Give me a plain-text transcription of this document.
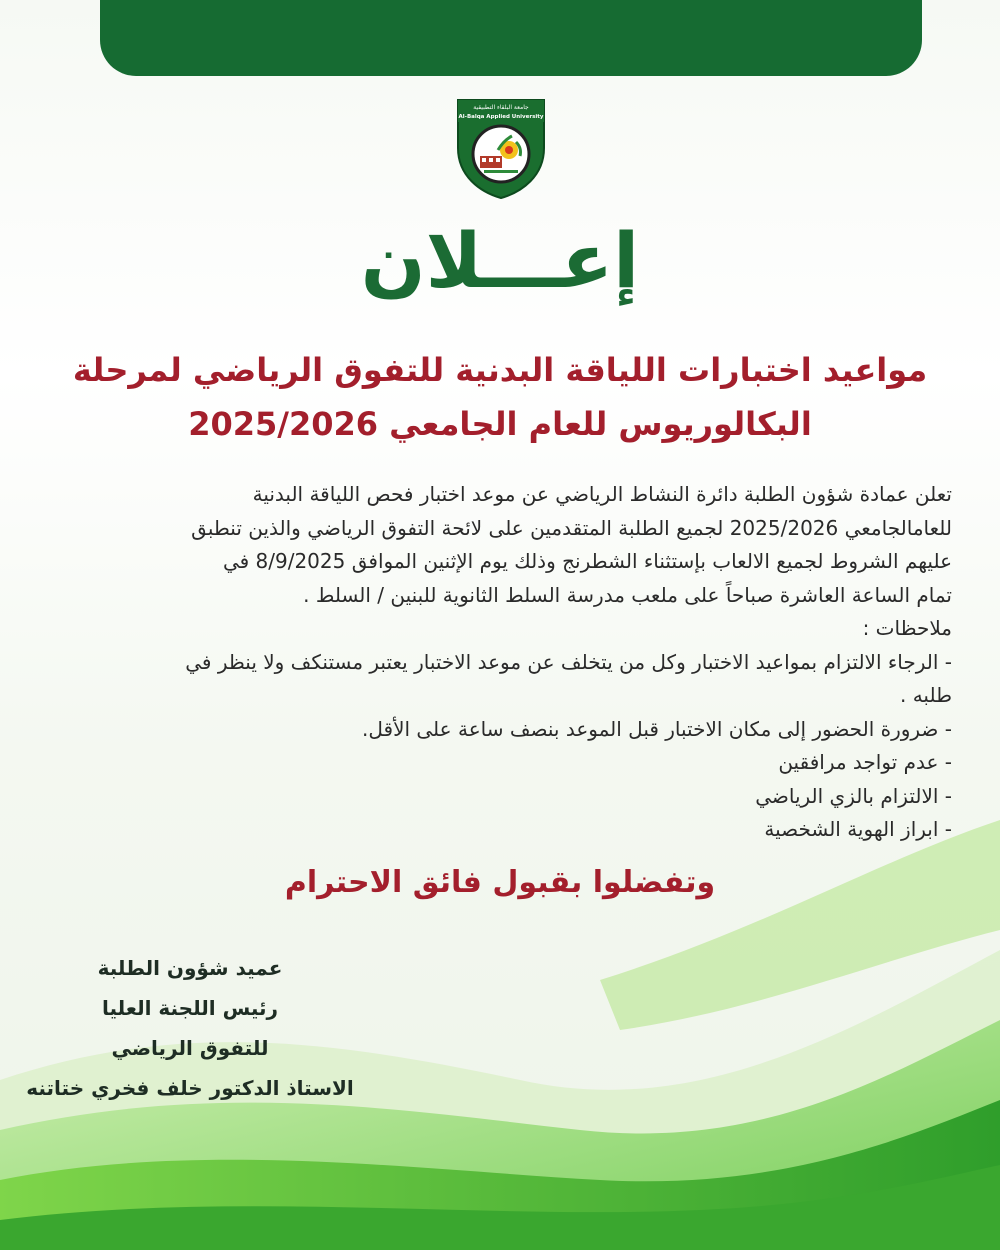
جامعة البلقاء التطبيقية
Al-Balqa Applied University
إعـــلان
مواعيد اختبارات اللياقة البدنية للتفوق الرياضي لمرحلة
البكالوريوس للعام الجامعي 2025/2026

تعلن عمادة شؤون الطلبة دائرة النشاط الرياضي عن موعد اختبار فحص اللياقة البدنية

للعامالجامعي 2025/2026 لجميع الطلبة المتقدمين على لائحة التفوق الرياضي والذين تنطبق

عليهم الشروط لجميع الالعاب بإستثناء الشطرنج وذلك يوم الإثنين الموافق 8/9/2025 في

تمام الساعة العاشرة صباحاً على ملعب مدرسة السلط الثانوية للبنين / السلط .

ملاحظات :

- الرجاء الالتزام بمواعيد الاختبار وكل من يتخلف عن موعد الاختبار يعتبر مستنكف ولا ينظر في

طلبه .

- ضرورة الحضور إلى مكان الاختبار قبل الموعد بنصف ساعة على الأقل.

- عدم تواجد مرافقين

- الالتزام بالزي الرياضي

- ابراز الهوية الشخصية

وتفضلوا بقبول فائق الاحترام

عميد شؤون الطلبة

رئيس اللجنة العليا

للتفوق الرياضي

الاستاذ الدكتور خلف فخري ختاتنه
